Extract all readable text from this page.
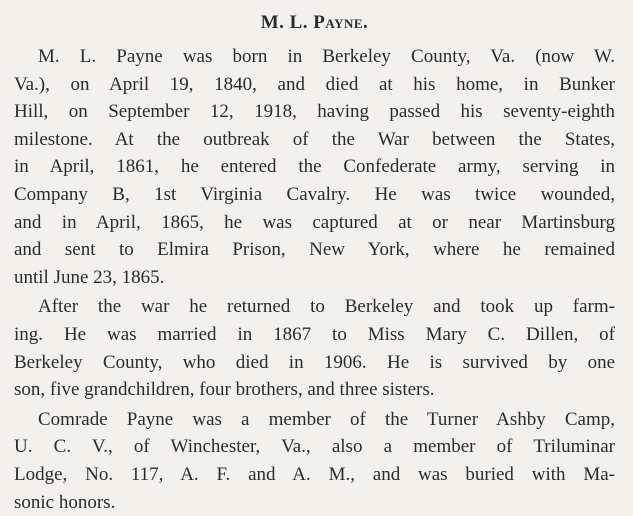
M. L. Payne.
M. L. Payne was born in Berkeley County, Va. (now W.
Va.), on April 19, 1840, and died at his home, in Bunker
Hill, on September 12, 1918, having passed his seventy-eighth
milestone. At the outbreak of the War between the States,
in April, 1861, he entered the Confederate army, serving in
Company B, 1st Virginia Cavalry. He was twice wounded,
and in April, 1865, he was captured at or near Martinsburg
and sent to Elmira Prison, New York, where he remained
until June 23, 1865.
After the war he returned to Berkeley and took up farm-
ing. He was married in 1867 to Miss Mary C. Dillen, of
Berkeley County, who died in 1906. He is survived by one
son, five grandchildren, four brothers, and three sisters.
Comrade Payne was a member of the Turner Ashby Camp,
U. C. V., of Winchester, Va., also a member of Triluminar
Lodge, No. 117, A. F. and A. M., and was buried with Ma-
sonic honors.
